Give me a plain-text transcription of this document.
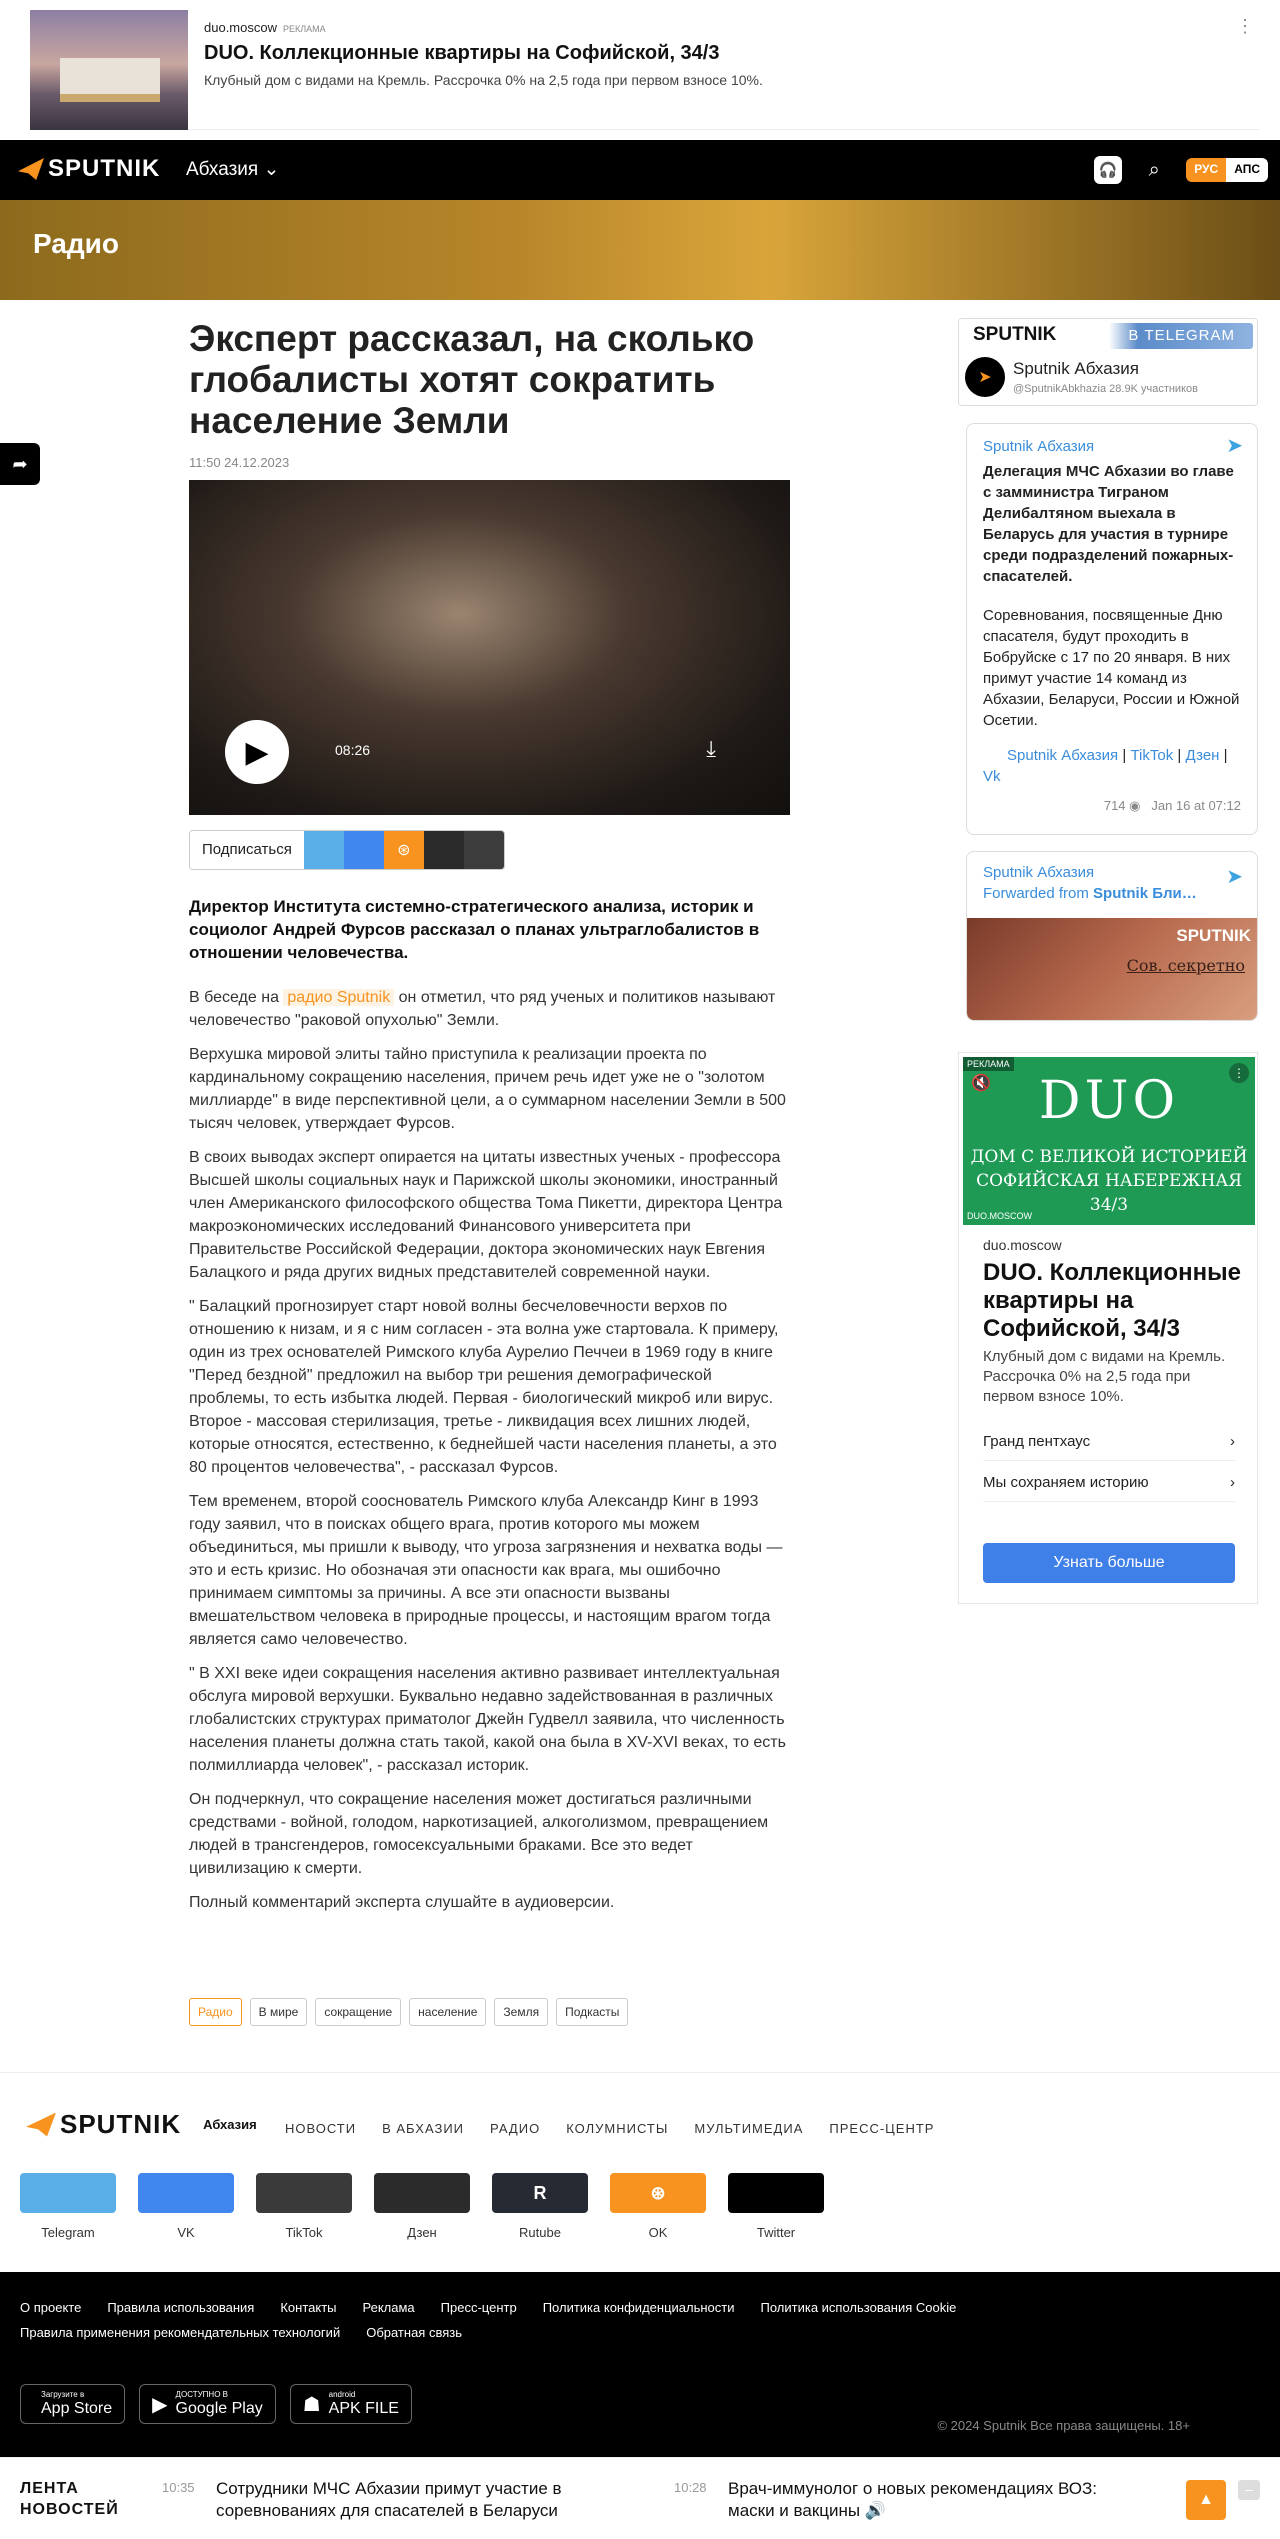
duo.moscow РЕКЛАМА
DUO. Коллекционные квартиры на Софийской, 34/3
Клубный дом с видами на Кремль. Рассрочка 0% на 2,5 года при первом взносе 10%.
⋮
SPUTNIK Абхазия ⌄	🎧	⌕	РУС	АПС
Радио
➦
Эксперт рассказал, на сколько глобалисты хотят сократить население Земли
11:50 24.12.2023
▶	08:26	⤓
Подписаться	⊛
Директор Института системно-стратегического анализа, историк и социолог Андрей Фурсов рассказал о планах ультраглобалистов в отношении человечества.

В беседе на радио Sputnik он отметил, что ряд ученых и политиков называют человечество "раковой опухолью" Земли.

Верхушка мировой элиты тайно приступила к реализации проекта по кардинальному сокращению населения, причем речь идет уже не о "золотом миллиарде" в виде перспективной цели, а о суммарном населении Земли в 500 тысяч человек, утверждает Фурсов.

В своих выводах эксперт опирается на цитаты известных ученых - профессора Высшей школы социальных наук и Парижской школы экономики, иностранный член Американского философского общества Тома Пикетти, директора Центра макроэкономических исследований Финансового университета при Правительстве Российской Федерации, доктора экономических наук Евгения Балацкого и ряда других видных представителей современной науки.

" Балацкий прогнозирует старт новой волны бесчеловечности верхов по отношению к низам, и я с ним согласен - эта волна уже стартовала. К примеру, один из трех основателей Римского клуба Аурелио Печчеи в 1969 году в книге "Перед бездной" предложил на выбор три решения демографической проблемы, то есть избытка людей. Первая - биологический микроб или вирус. Второе - массовая стерилизация, третье - ликвидация всех лишних людей, которые относятся, естественно, к беднейшей части населения планеты, а это 80 процентов человечества", - рассказал Фурсов.

Тем временем, второй сооснователь Римского клуба Александр Кинг в 1993 году заявил, что в поисках общего врага, против которого мы можем объединиться, мы пришли к выводу, что угроза загрязнения и нехватка воды — это и есть кризис. Но обозначая эти опасности как врага, мы ошибочно принимаем симптомы за причины. А все эти опасности вызваны вмешательством человека в природные процессы, и настоящим врагом тогда является само человечество.

" В XXI веке идеи сокращения населения активно развивает интеллектуальная обслуга мировой верхушки. Буквально недавно задействованная в различных глобалистских структурах приматолог Джейн Гудвелл заявила, что численность населения планеты должна стать такой, какой она была в XV-XVI веках, то есть полмиллиарда человек", - рассказал историк.

Он подчеркнул, что сокращение населения может достигаться различными средствами - войной, голодом, наркотизацией, алкоголизмом, превращением людей в трансгендеров, гомосексуальными браками. Все это ведет цивилизацию к смерти.

Полный комментарий эксперта слушайте в аудиоверсии.

Радио	В мире	сокращение	население	Земля	Подкасты
SPUTNIK	В TELEGRAM
➤	Sputnik Абхазия
@SputnikAbkhazia 28.9K участников
Sputnik Абхазия	➤
Делегация МЧС Абхазии во главе с замминистра Тиграном Делибалтяном выехала в Беларусь для участия в турнире среди подразделений пожарных-спасателей.
Соревнования, посвященные Дню спасателя, будут проходить в Бобруйске с 17 по 20 января. В них примут участие 14 команд из Абхазии, Беларуси, России и Южной Осетии.
Sputnik Абхазия | TikTok | Дзен | Vk
714 ◉ Jan 16 at 07:12
Sputnik Абхазия
Forwarded from Sputnik Бли…
➤
SPUTNIK
Сов. секретно
РЕКЛАМА
🔇
⋮
DUO
ДОМ С ВЕЛИКОЙ ИСТОРИЕЙ СОФИЙСКАЯ НАБЕРЕЖНАЯ 34/3
DUO.MOSCOW
duo.moscow
DUO. Коллекционные квартиры на Софийской, 34/3
Клубный дом с видами на Кремль. Рассрочка 0% на 2,5 года при первом взносе 10%.
Гранд пентхаус	›
Мы сохраняем историю	›
Узнать больше
SPUTNIK Абхазия НОВОСТИ В АБХАЗИИ РАДИО КОЛУМНИСТЫ МУЛЬТИМЕДИА ПРЕСС-ЦЕНТР
Telegram	VK	TikTok	Дзен
R
Rutube
⊛
OK	Twitter
О проекте Правила использования Контакты Реклама Пресс-центр Политика конфиденциальности Политика использования Cookie
Правила применения рекомендательных технологий Обратная связь
Загрузите в
App Store ▶ ДОСТУПНО В
Google Play ☗ android
APK FILE
© 2024 Sputnik Все права защищены. 18+
ЛЕНТА
НОВОСТЕЙ
10:35 Сотрудники МЧС Абхазии примут участие в соревнованиях для спасателей в Беларуси
10:28 Врач-иммунолог о новых рекомендациях ВОЗ: маски и вакцины 🔊
▲
–
